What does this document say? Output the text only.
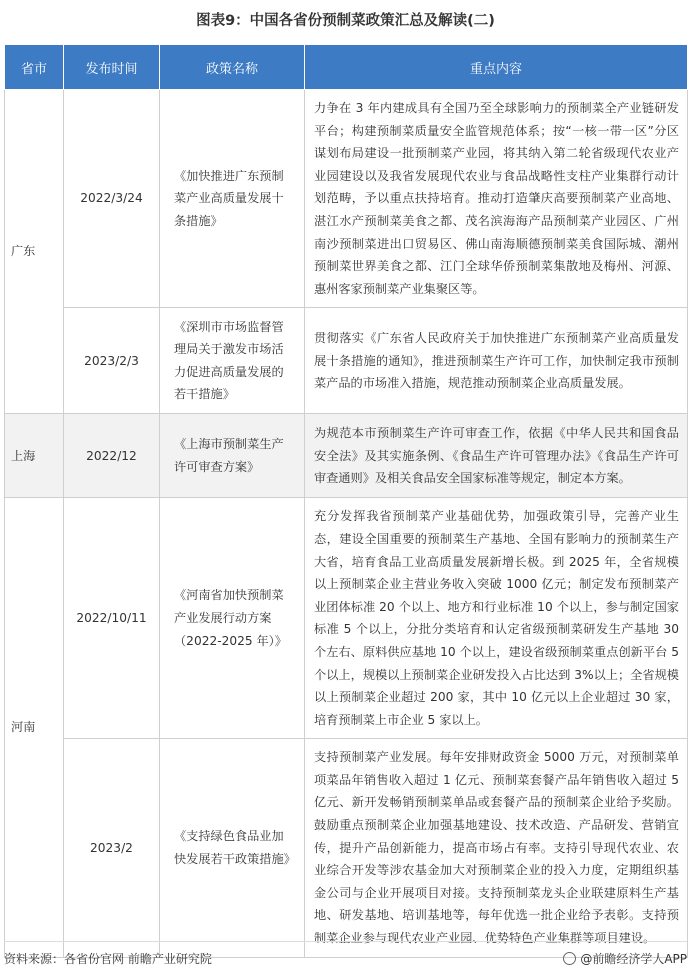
图表9：中国各省份预制菜政策汇总及解读(二)
省市	发布时间	政策名称	重点内容
广东	2022/3/24	《加快推进广东预制菜产业高质量发展十条措施》	力争在 3 年内建成具有全国乃至全球影响力的预制菜全产业链研发平台；构建预制菜质量安全监管规范体系；按“一核一带一区”分区谋划布局建设一批预制菜产业园，将其纳入第二轮省级现代农业产业园建设以及我省发展现代农业与食品战略性支柱产业集群行动计划范畴，予以重点扶持培育。推动打造肇庆高要预制菜产业高地、湛江水产预制菜美食之都、茂名滨海海产品预制菜产业园区、广州南沙预制菜进出口贸易区、佛山南海顺德预制菜美食国际城、潮州预制菜世界美食之都、江门全球华侨预制菜集散地及梅州、河源、惠州客家预制菜产业集聚区等。
	2023/2/3	《深圳市市场监督管理局关于激发市场活力促进高质量发展的若干措施》	贯彻落实《广东省人民政府关于加快推进广东预制菜产业高质量发展十条措施的通知》，推进预制菜生产许可工作，加快制定我市预制菜产品的市场准入措施，规范推动预制菜企业高质量发展。
上海	2022/12	《上海市预制菜生产许可审查方案》	为规范本市预制菜生产许可审查工作，依据《中华人民共和国食品安全法》及其实施条例、《食品生产许可管理办法》《食品生产许可审查通则》及相关食品安全国家标准等规定，制定本方案。
河南	2022/10/11	《河南省加快预制菜产业发展行动方案（2022-2025 年）》	充分发挥我省预制菜产业基础优势，加强政策引导，完善产业生态，建设全国重要的预制菜生产基地、全国有影响力的预制菜生产大省，培育食品工业高质量发展新增长极。到 2025 年，全省规模以上预制菜企业主营业务收入突破 1000 亿元；制定发布预制菜产业团体标准 20 个以上、地方和行业标准 10 个以上，参与制定国家标准 5 个以上，分批分类培育和认定省级预制菜研发生产基地 30 个左右、原料供应基地 10 个以上，建设省级预制菜重点创新平台 5 个以上，规模以上预制菜企业研发投入占比达到 3%以上；全省规模以上预制菜企业超过 200 家，其中 10 亿元以上企业超过 30 家，培育预制菜上市企业 5 家以上。
	2023/2	《支持绿色食品业加快发展若干政策措施》	支持预制菜产业发展。每年安排财政资金 5000 万元，对预制菜单项菜品年销售收入超过 1 亿元、预制菜套餐产品年销售收入超过 5 亿元、新开发畅销预制菜单品或套餐产品的预制菜企业给予奖励。鼓励重点预制菜企业加强基地建设、技术改造、产品研发、营销宣传，提升产品创新能力，提高市场占有率。支持引导现代农业、农业综合开发等涉农基金加大对预制菜企业的投入力度，定期组织基金公司与企业开展项目对接。支持预制菜龙头企业联建原料生产基地、研发基地、培训基地等，每年优选一批企业给予表彰。支持预制菜企业参与现代农业产业园、优势特色产业集群等项目建设。
资料来源：各省份官网 前瞻产业研究院	@前瞻经济学人APP
